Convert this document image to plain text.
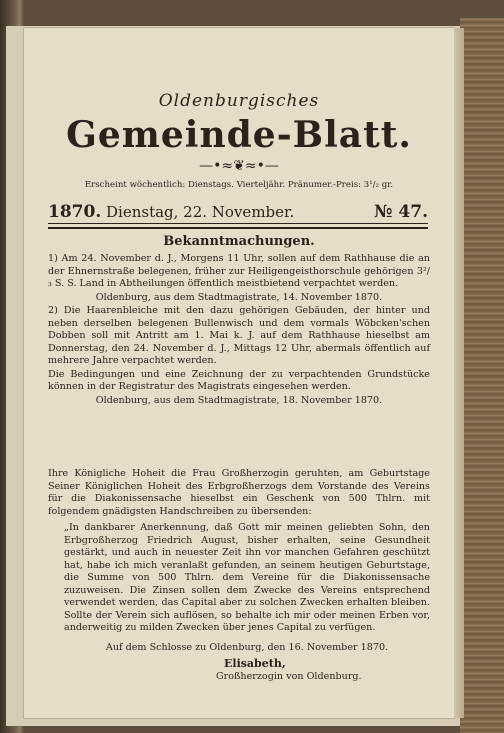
Oldenburgisches
Gemeinde-Blatt.
—•≈❦≈•—
Erscheint wöchentlich: Dienstags. Vierteljähr. Pränumer.-Preis: 3¹/₂ gr.
1870. Dienstag, 22. November.	№ 47.
Bekanntmachungen.

1) Am 24. November d. J., Morgens 11 Uhr, sollen auf dem Rathhause die an der Ehnernstraße belegenen, früher zur Heiligengeisthorschule gehörigen 3²/₃ S. S. Land in Abtheilungen öffentlich meistbietend verpachtet werden.

Oldenburg, aus dem Stadtmagistrate, 14. November 1870.

2) Die Haarenbleiche mit den dazu gehörigen Gebäuden, der hinter und neben derselben belegenen Bullenwisch und dem vormals Wöbcken'schen Dobben soll mit Antritt am 1. Mai k. J. auf dem Rathhause hieselbst am Donnerstag, den 24. November d. J., Mittags 12 Uhr, abermals öffentlich auf mehrere Jahre verpachtet werden.

Die Bedingungen und eine Zeichnung der zu verpachtenden Grundstücke können in der Registratur des Magistrats eingesehen werden.

Oldenburg, aus dem Stadtmagistrate, 18. November 1870.

Ihre Königliche Hoheit die Frau Großherzogin geruhten, am Geburtstage Seiner Königlichen Hoheit des Erbgroßherzogs dem Vorstande des Vereins für die Diakonissensache hieselbst ein Geschenk von 500 Thlrn. mit folgendem gnädigsten Handschreiben zu übersenden:
„In dankbarer Anerkennung, daß Gott mir meinen geliebten Sohn, den Erbgroßherzog Friedrich August, bisher erhalten, seine Gesundheit gestärkt, und auch in neuester Zeit ihn vor manchen Gefahren geschützt hat, habe ich mich veranlaßt gefunden, an seinem heutigen Geburtstage, die Summe von 500 Thlrn. dem Vereine für die Diakonissensache zuzuweisen. Die Zinsen sollen dem Zwecke des Vereins entsprechend verwendet werden, das Capital aber zu solchen Zwecken erhalten bleiben. Sollte der Verein sich auflösen, so behalte ich mir oder meinen Erben vor, anderweitig zu milden Zwecken über jenes Capital zu verfügen.
Auf dem Schlosse zu Oldenburg, den 16. November 1870.
Elisabeth,
Großherzogin von Oldenburg.
